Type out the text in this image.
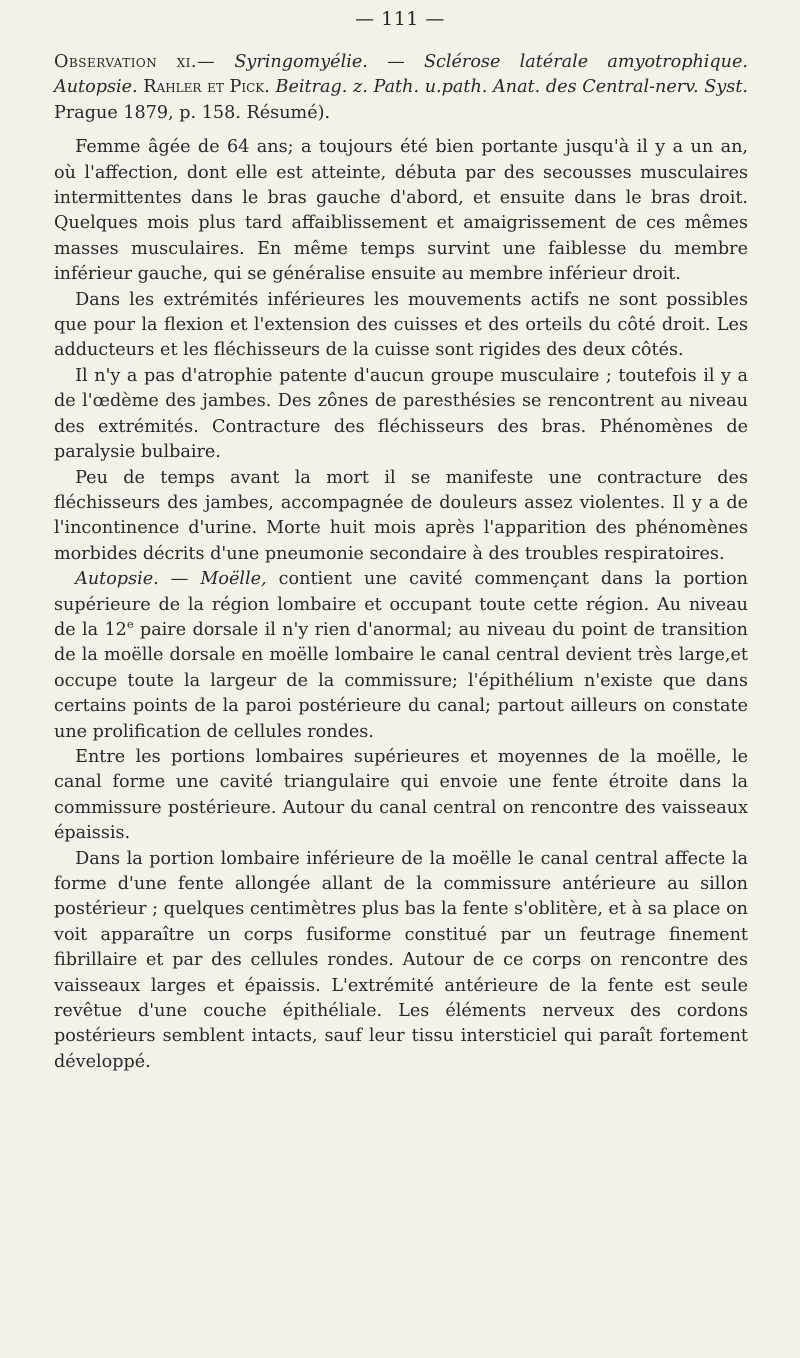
— 111 —
Observation xi.— Syringomyélie. — Sclérose latérale amyotrophique. Autopsie. Rahler et Pick. Beitrag. z. Path. u.path. Anat. des Central-nerv. Syst. Prague 1879, p. 158. Résumé).

Femme âgée de 64 ans; a toujours été bien portante jusqu'à il y a un an, où l'affection, dont elle est atteinte, débuta par des secousses musculaires intermittentes dans le bras gauche d'abord, et ensuite dans le bras droit. Quelques mois plus tard affaiblissement et amaigrissement de ces mêmes masses musculaires. En même temps survint une faiblesse du membre inférieur gauche, qui se généralise ensuite au membre inférieur droit.

Dans les extrémités inférieures les mouvements actifs ne sont possibles que pour la flexion et l'extension des cuisses et des orteils du côté droit. Les adducteurs et les fléchisseurs de la cuisse sont rigides des deux côtés.

Il n'y a pas d'atrophie patente d'aucun groupe musculaire ; toutefois il y a de l'œdème des jambes. Des zônes de paresthésies se rencontrent au niveau des extrémités. Contracture des fléchisseurs des bras. Phénomènes de paralysie bulbaire.

Peu de temps avant la mort il se manifeste une contracture des fléchisseurs des jambes, accompagnée de douleurs assez violentes. Il y a de l'incontinence d'urine. Morte huit mois après l'apparition des phénomènes morbides décrits d'une pneumonie secondaire à des troubles respiratoires.

Autopsie. — Moëlle, contient une cavité commençant dans la portion supérieure de la région lombaire et occupant toute cette région. Au niveau de la 12e paire dorsale il n'y rien d'anormal; au niveau du point de transition de la moëlle dorsale en moëlle lombaire le canal central devient très large,et occupe toute la largeur de la commissure; l'épithélium n'existe que dans certains points de la paroi postérieure du canal; partout ailleurs on constate une prolification de cellules rondes.

Entre les portions lombaires supérieures et moyennes de la moëlle, le canal forme une cavité triangulaire qui envoie une fente étroite dans la commissure postérieure. Autour du canal central on rencontre des vaisseaux épaissis.

Dans la portion lombaire inférieure de la moëlle le canal central affecte la forme d'une fente allongée allant de la commissure antérieure au sillon postérieur ; quelques centimètres plus bas la fente s'oblitère, et à sa place on voit apparaître un corps fusiforme constitué par un feutrage finement fibrillaire et par des cellules rondes. Autour de ce corps on rencontre des vaisseaux larges et épaissis. L'extrémité antérieure de la fente est seule revêtue d'une couche épithéliale. Les éléments nerveux des cordons postérieurs semblent intacts, sauf leur tissu intersticiel qui paraît fortement développé.
